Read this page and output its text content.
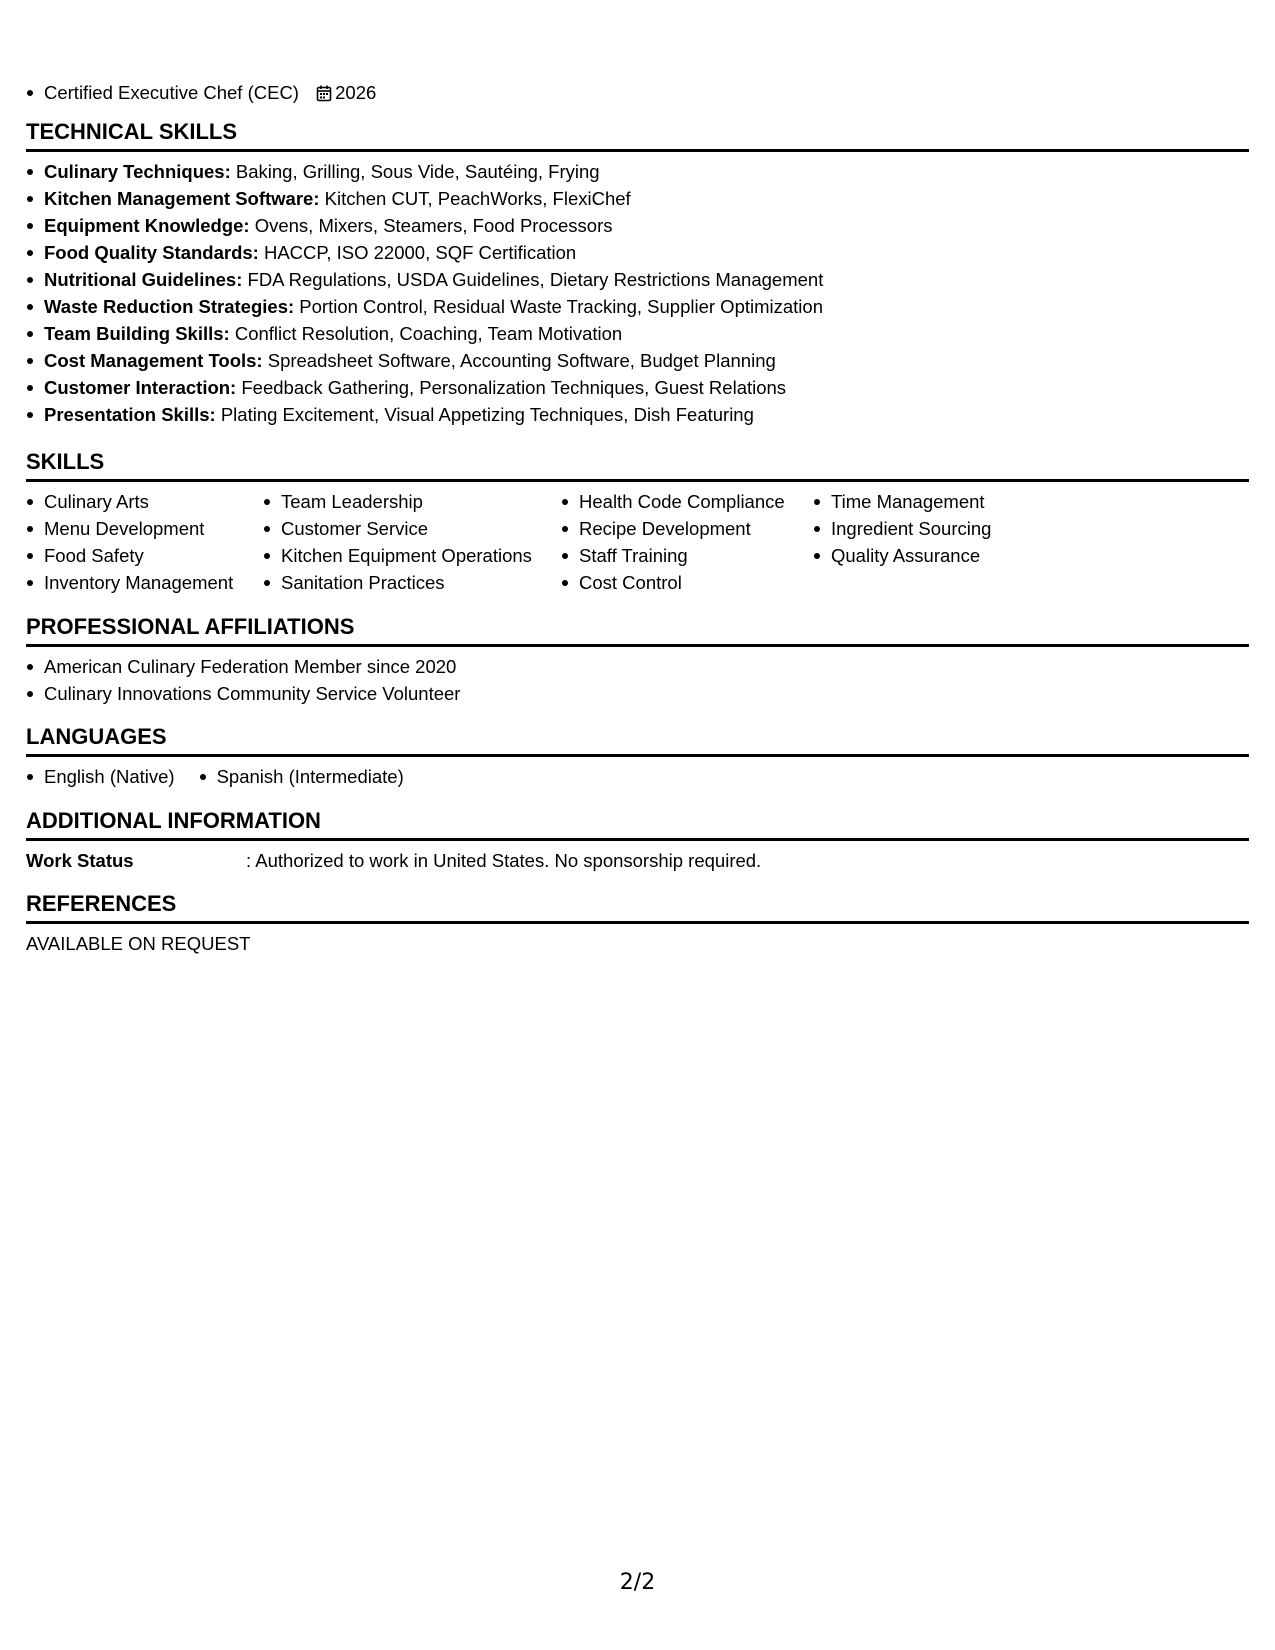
Certified Executive Chef (CEC) 2026
TECHNICAL SKILLS
Culinary Techniques: Baking, Grilling, Sous Vide, Sautéing, Frying
Kitchen Management Software: Kitchen CUT, PeachWorks, FlexiChef
Equipment Knowledge: Ovens, Mixers, Steamers, Food Processors
Food Quality Standards: HACCP, ISO 22000, SQF Certification
Nutritional Guidelines: FDA Regulations, USDA Guidelines, Dietary Restrictions Management
Waste Reduction Strategies: Portion Control, Residual Waste Tracking, Supplier Optimization
Team Building Skills: Conflict Resolution, Coaching, Team Motivation
Cost Management Tools: Spreadsheet Software, Accounting Software, Budget Planning
Customer Interaction: Feedback Gathering, Personalization Techniques, Guest Relations
Presentation Skills: Plating Excitement, Visual Appetizing Techniques, Dish Featuring
SKILLS
Culinary Arts
Menu Development
Food Safety
Inventory Management
Team Leadership
Customer Service
Kitchen Equipment Operations
Sanitation Practices
Health Code Compliance
Recipe Development
Staff Training
Cost Control
Time Management
Ingredient Sourcing
Quality Assurance
PROFESSIONAL AFFILIATIONS
American Culinary Federation Member since 2020
Culinary Innovations Community Service Volunteer
LANGUAGES
English (Native)	Spanish (Intermediate)
ADDITIONAL INFORMATION
Work Status	: Authorized to work in United States. No sponsorship required.
REFERENCES
AVAILABLE ON REQUEST
2/2
